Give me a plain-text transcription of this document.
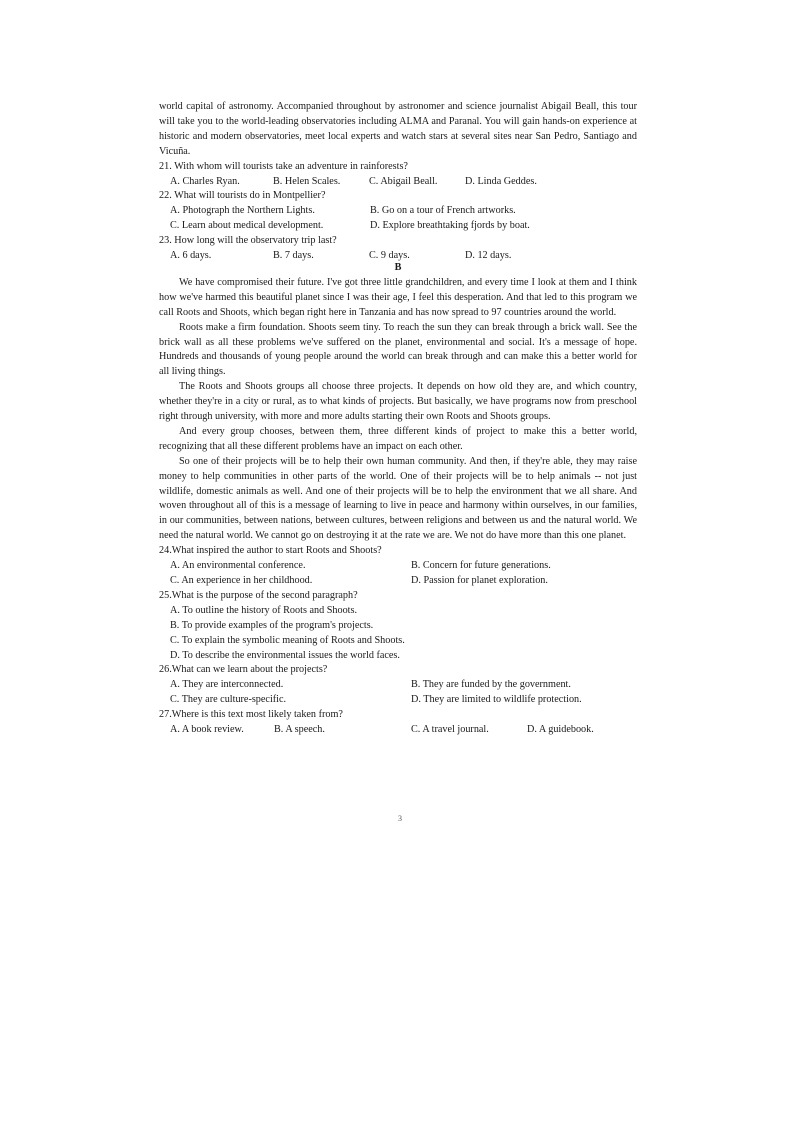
world capital of astronomy. Accompanied throughout by astronomer and science journalist Abigail Beall, this tour will take you to the world-leading observatories including ALMA and Paranal. You will gain hands-on experience at historic and modern observatories, meet local experts and watch stars at several sites near San Pedro, Santiago and Vicuña.

21. With whom will tourists take an adventure in rainforests?

A. Charles Ryan.	B. Helen Scales.	C. Abigail Beall.	D. Linda Geddes.

22. What will tourists do in Montpellier?

A. Photograph the Northern Lights.	B. Go on a tour of French artworks.
C. Learn about medical development.	D. Explore breathtaking fjords by boat.

23. How long will the observatory trip last?

A. 6 days.	B. 7 days.	C. 9 days.	D. 12 days.

B

We have compromised their future. I've got three little grandchildren, and every time I look at them and I think how we've harmed this beautiful planet since I was their age, I feel this desperation. And that led to this program we call Roots and Shoots, which began right here in Tanzania and has now spread to 97 countries around the world.

Roots make a firm foundation. Shoots seem tiny. To reach the sun they can break through a brick wall. See the brick wall as all these problems we've suffered on the planet, environmental and social. It's a message of hope. Hundreds and thousands of young people around the world can break through and can make this a better world for all living things.

The Roots and Shoots groups all choose three projects. It depends on how old they are, and which country, whether they're in a city or rural, as to what kinds of projects. But basically, we have programs now from preschool right through university, with more and more adults starting their own Roots and Shoots groups.

And every group chooses, between them, three different kinds of project to make this a better world, recognizing that all these different problems have an impact on each other.

So one of their projects will be to help their own human community. And then, if they're able, they may raise money to help communities in other parts of the world. One of their projects will be to help animals -- not just wildlife, domestic animals as well. And one of their projects will be to help the environment that we all share. And woven throughout all of this is a message of learning to live in peace and harmony within ourselves, in our families, in our communities, between nations, between cultures, between religions and between us and the natural world. We need the natural world. We cannot go on destroying it at the rate we are. We not do have more than this one planet.

24.What inspired the author to start Roots and Shoots?

A. An environmental conference.	B. Concern for future generations.
C. An experience in her childhood.	D. Passion for planet exploration.

25.What is the purpose of the second paragraph?

A. To outline the history of Roots and Shoots.

B. To provide examples of the program's projects.

C. To explain the symbolic meaning of Roots and Shoots.

D. To describe the environmental issues the world faces.

26.What can we learn about the projects?

A. They are interconnected.	B. They are funded by the government.
C. They are culture-specific.	D. They are limited to wildlife protection.

27.Where is this text most likely taken from?

A. A book review.	B. A speech.	C. A travel journal.	D. A guidebook.
3
